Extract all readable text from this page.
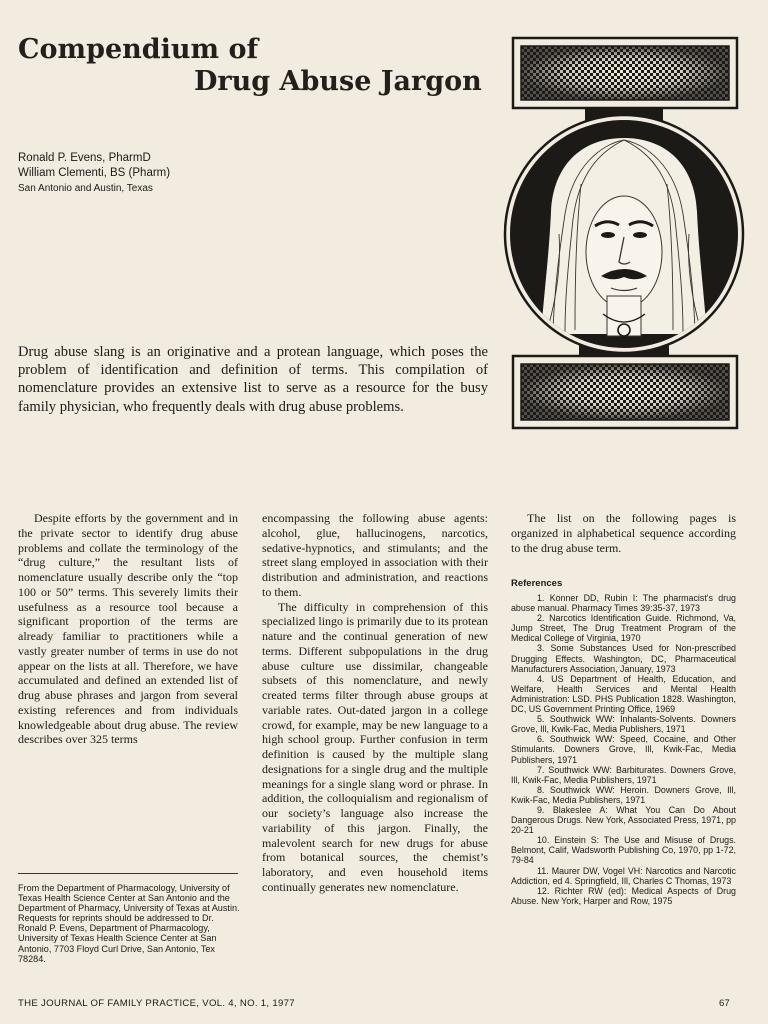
Compendium of
Drug Abuse Jargon
Ronald P. Evens, PharmD
William Clementi, BS (Pharm)
San Antonio and Austin, Texas

Drug abuse slang is an originative and a protean language, which poses the problem of identification and definition of terms. This compilation of nomenclature provides an extensive list to serve as a resource for the busy family physician, who frequently deals with drug abuse problems.

Despite efforts by the government and in the private sector to identify drug abuse problems and collate the terminology of the “drug culture,” the resultant lists of nomenclature usually describe only the “top 100 or 50” terms. This severely limits their usefulness as a resource tool because a significant proportion of the terms are already familiar to practitioners while a vastly greater number of terms in use do not appear on the lists at all. Therefore, we have accumulated and defined an extended list of drug abuse phrases and jargon from several existing references and from individuals knowledgeable about drug abuse. The review describes over 325 terms

encompassing the following abuse agents: alcohol, glue, hallucinogens, narcotics, sedative-hypnotics, and stimulants; and the street slang employed in association with their distribution and administration, and reactions to them.

The difficulty in comprehension of this specialized lingo is primarily due to its protean nature and the continual generation of new terms. Different subpopulations in the drug abuse culture use dissimilar, changeable subsets of this nomenclature, and newly created terms filter through abuse groups at variable rates. Out-dated jargon in a college crowd, for example, may be new language to a high school group. Further confusion in term definition is caused by the multiple slang designations for a single drug and the multiple meanings for a single slang word or phrase. In addition, the colloquialism and regionalism of our society’s language also increase the variability of this jargon. Finally, the malevolent search for new drugs for abuse from botanical sources, the chemist’s laboratory, and even household items continually generates new nomenclature.

The list on the following pages is organized in alphabetical sequence according to the drug abuse term.

From the Department of Pharmacology, University of Texas Health Science Center at San Antonio and the Department of Pharmacy, University of Texas at Austin. Requests for reprints should be addressed to Dr. Ronald P. Evens, Department of Pharmacology, University of Texas Health Science Center at San Antonio, 7703 Floyd Curl Drive, San Antonio, Tex 78284.

References
1. Konner DD, Rubin I: The pharmacist's drug abuse manual. Pharmacy Times 39:35-37, 1973
2. Narcotics Identification Guide. Richmond, Va, Jump Street, The Drug Treatment Program of the Medical College of Virginia, 1970
3. Some Substances Used for Non-prescribed Drugging Effects. Washington, DC, Pharmaceutical Manufacturers Association, January, 1973
4. US Department of Health, Education, and Welfare, Health Services and Mental Health Administration: LSD. PHS Publication 1828. Washington, DC, US Government Printing Office, 1969
5. Southwick WW: Inhalants-Solvents. Downers Grove, Ill, Kwik-Fac, Media Publishers, 1971
6. Southwick WW: Speed, Cocaine, and Other Stimulants. Downers Grove, Ill, Kwik-Fac, Media Publishers, 1971
7. Southwick WW: Barbiturates. Downers Grove, Ill, Kwik-Fac, Media Publishers, 1971
8. Southwick WW: Heroin. Downers Grove, Ill, Kwik-Fac, Media Publishers, 1971
9. Blakeslee A: What You Can Do About Dangerous Drugs. New York, Associated Press, 1971, pp 20-21
10. Einstein S: The Use and Misuse of Drugs. Belmont, Calif, Wadsworth Publishing Co, 1970, pp 1-72, 79-84
11. Maurer DW, Vogel VH: Narcotics and Narcotic Addiction, ed 4. Springfield, Ill, Charles C Thomas, 1973
12. Richter RW (ed): Medical Aspects of Drug Abuse. New York, Harper and Row, 1975
THE JOURNAL OF FAMILY PRACTICE, VOL. 4, NO. 1, 1977	67
